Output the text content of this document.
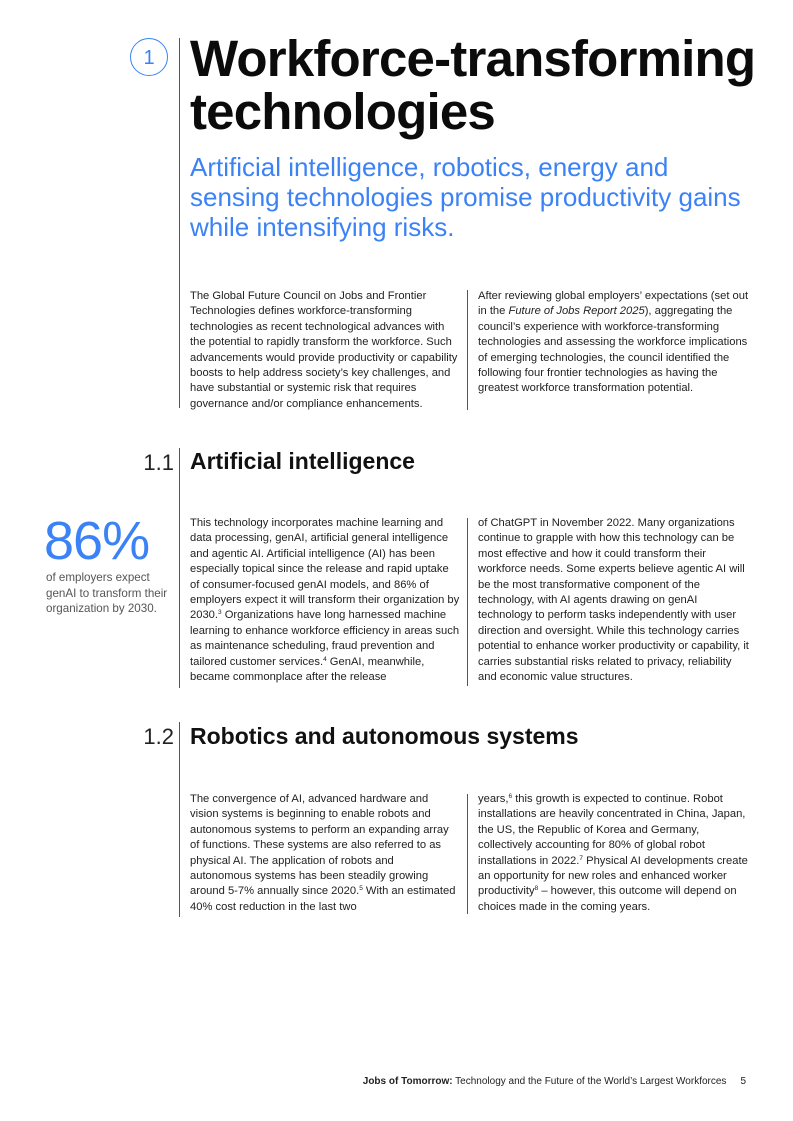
1 Workforce-transforming technologies

Artificial intelligence, robotics, energy and sensing technologies promise productivity gains while intensifying risks.

The Global Future Council on Jobs and Frontier Technologies defines workforce-transforming technologies as recent technological advances with the potential to rapidly transform the workforce. Such advancements would provide productivity or capability boosts to help address society’s key challenges, and have substantial or systemic risk that requires governance and/or compliance enhancements.

After reviewing global employers’ expectations (set out in the Future of Jobs Report 2025), aggregating the council’s experience with workforce-transforming technologies and assessing the workforce implications of emerging technologies, the council identified the following four frontier technologies as having the greatest workforce transformation potential.

1.1 Artificial intelligence
86%

of employers expect genAI to transform their organization by 2030.

This technology incorporates machine learning and data processing, genAI, artificial general intelligence and agentic AI. Artificial intelligence (AI) has been especially topical since the release and rapid uptake of consumer-focused genAI models, and 86% of employers expect it will transform their organization by 2030.$^3$ Organizations have long harnessed machine learning to enhance workforce efficiency in areas such as maintenance scheduling, fraud prevention and tailored customer services.$^4$ GenAI, meanwhile, became commonplace after the release

of ChatGPT in November 2022. Many organizations continue to grapple with how this technology can be most effective and how it could transform their workforce needs. Some experts believe agentic AI will be the most transformative component of the technology, with AI agents drawing on genAI technology to perform tasks independently with user direction and oversight. While this technology carries potential to enhance worker productivity or capability, it carries substantial risks related to privacy, reliability and economic value structures.

1.2 Robotics and autonomous systems

The convergence of AI, advanced hardware and vision systems is beginning to enable robots and autonomous systems to perform an expanding array of functions. These systems are also referred to as physical AI. The application of robots and autonomous systems has been steadily growing around 5-7% annually since 2020.$^5$ With an estimated 40% cost reduction in the last two

years,$^6$ this growth is expected to continue. Robot installations are heavily concentrated in China, Japan, the US, the Republic of Korea and Germany, collectively accounting for 80% of global robot installations in 2022.$^7$ Physical AI developments create an opportunity for new roles and enhanced worker productivity$^8$ – however, this outcome will depend on choices made in the coming years.

Jobs of Tomorrow: Technology and the Future of the World’s Largest Workforces 5
